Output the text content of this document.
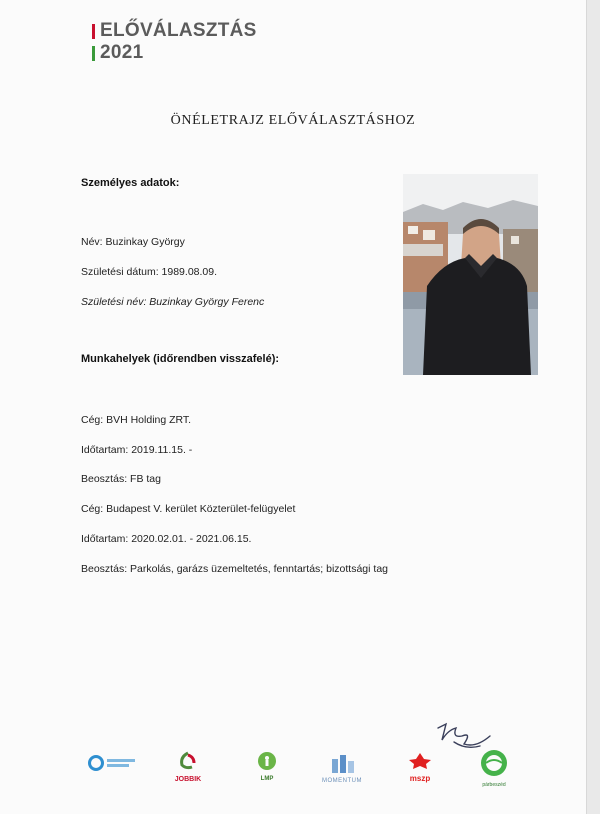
ELŐVÁLASZTÁS
2021
ÖNÉLETRAJZ ELŐVÁLASZTÁSHOZ
Személyes adatok:
Név: Buzinkay György
Születési dátum: 1989.08.09.
Születési név: Buzinkay György Ferenc
Munkahelyek (időrendben visszafelé):
Cég: BVH Holding ZRT.
Időtartam: 2019.11.15. -
Beosztás: FB tag
Cég: Budapest V. kerület Közterület-felügyelet
Időtartam: 2020.02.01. - 2021.06.15.
Beosztás: Parkolás, garázs üzemeltetés, fenntartás; bizottsági tag
JOBBIK	LMP	MOMENTUM	mszp
párbeszéd
